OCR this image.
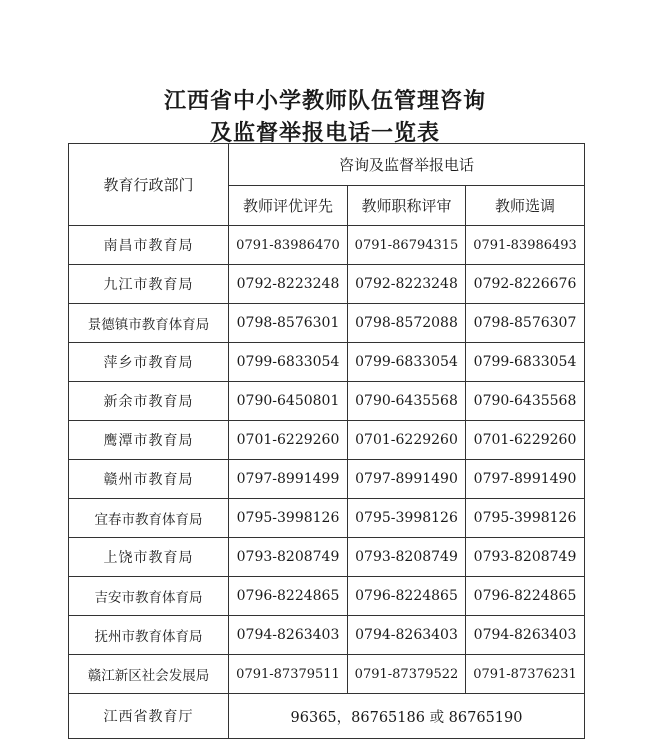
江西省中小学教师队伍管理咨询
及监督举报电话一览表
教育行政部门	咨询及监督举报电话		
	教师评优评先	教师职称评审	教师选调
南昌市教育局	0791-83986470	0791-86794315	0791-83986493
九江市教育局	0792-8223248	0792-8223248	0792-8226676
景德镇市教育体育局	0798-8576301	0798-8572088	0798-8576307
萍乡市教育局	0799-6833054	0799-6833054	0799-6833054
新余市教育局	0790-6450801	0790-6435568	0790-6435568
鹰潭市教育局	0701-6229260	0701-6229260	0701-6229260
赣州市教育局	0797-8991499	0797-8991490	0797-8991490
宜春市教育体育局	0795-3998126	0795-3998126	0795-3998126
上饶市教育局	0793-8208749	0793-8208749	0793-8208749
吉安市教育体育局	0796-8224865	0796-8224865	0796-8224865
抚州市教育体育局	0794-8263403	0794-8263403	0794-8263403
赣江新区社会发展局	0791-87379511	0791-87379522	0791-87376231
江西省教育厅	96365，86765186 或 86765190		
